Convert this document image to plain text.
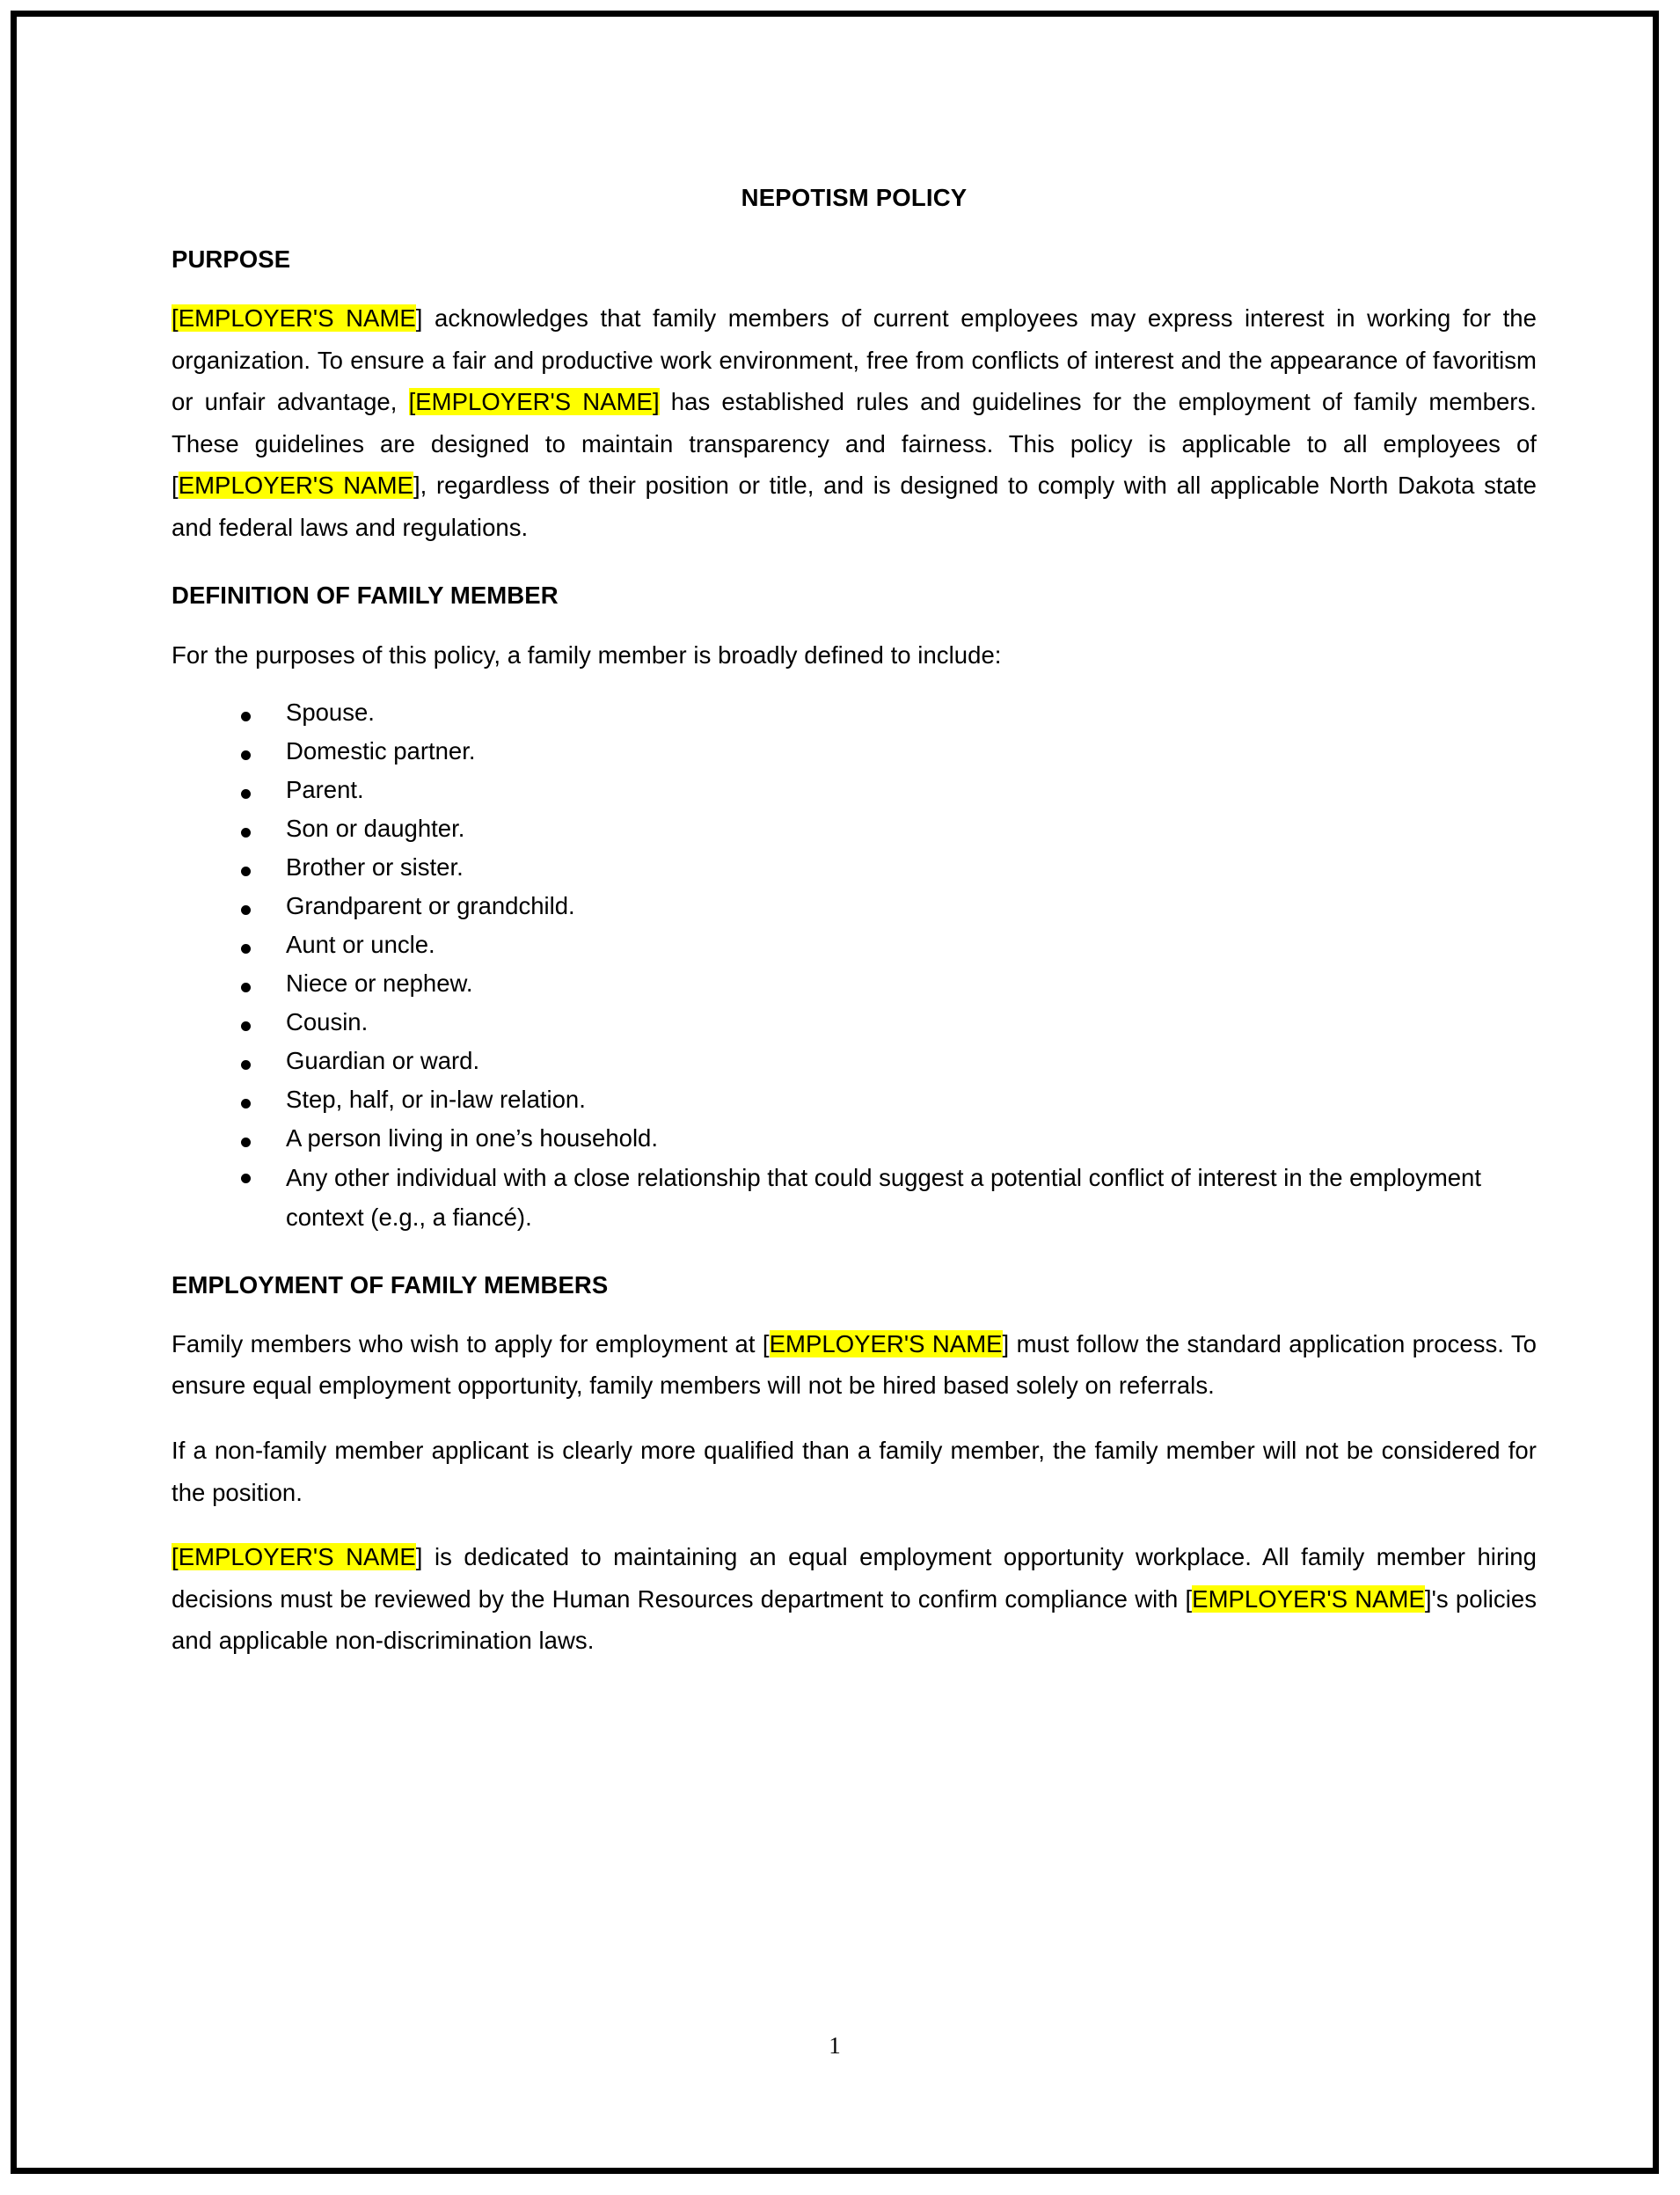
NEPOTISM POLICY
PURPOSE

[EMPLOYER'S NAME] acknowledges that family members of current employees may express interest in working for the organization. To ensure a fair and productive work environment, free from conflicts of interest and the appearance of favoritism or unfair advantage, [EMPLOYER'S NAME] has established rules and guidelines for the employment of family members. These guidelines are designed to maintain transparency and fairness. This policy is applicable to all employees of [EMPLOYER'S NAME], regardless of their position or title, and is designed to comply with all applicable North Dakota state and federal laws and regulations.

DEFINITION OF FAMILY MEMBER

For the purposes of this policy, a family member is broadly defined to include:

Spouse.
Domestic partner.
Parent.
Son or daughter.
Brother or sister.
Grandparent or grandchild.
Aunt or uncle.
Niece or nephew.
Cousin.
Guardian or ward.
Step, half, or in-law relation.
A person living in one’s household.
Any other individual with a close relationship that could suggest a potential conflict of interest in the employment context (e.g., a fiancé).
EMPLOYMENT OF FAMILY MEMBERS

Family members who wish to apply for employment at [EMPLOYER'S NAME] must follow the standard application process. To ensure equal employment opportunity, family members will not be hired based solely on referrals.

If a non-family member applicant is clearly more qualified than a family member, the family member will not be considered for the position.

[EMPLOYER'S NAME] is dedicated to maintaining an equal employment opportunity workplace. All family member hiring decisions must be reviewed by the Human Resources department to confirm compliance with [EMPLOYER'S NAME]'s policies and applicable non-discrimination laws.

1
